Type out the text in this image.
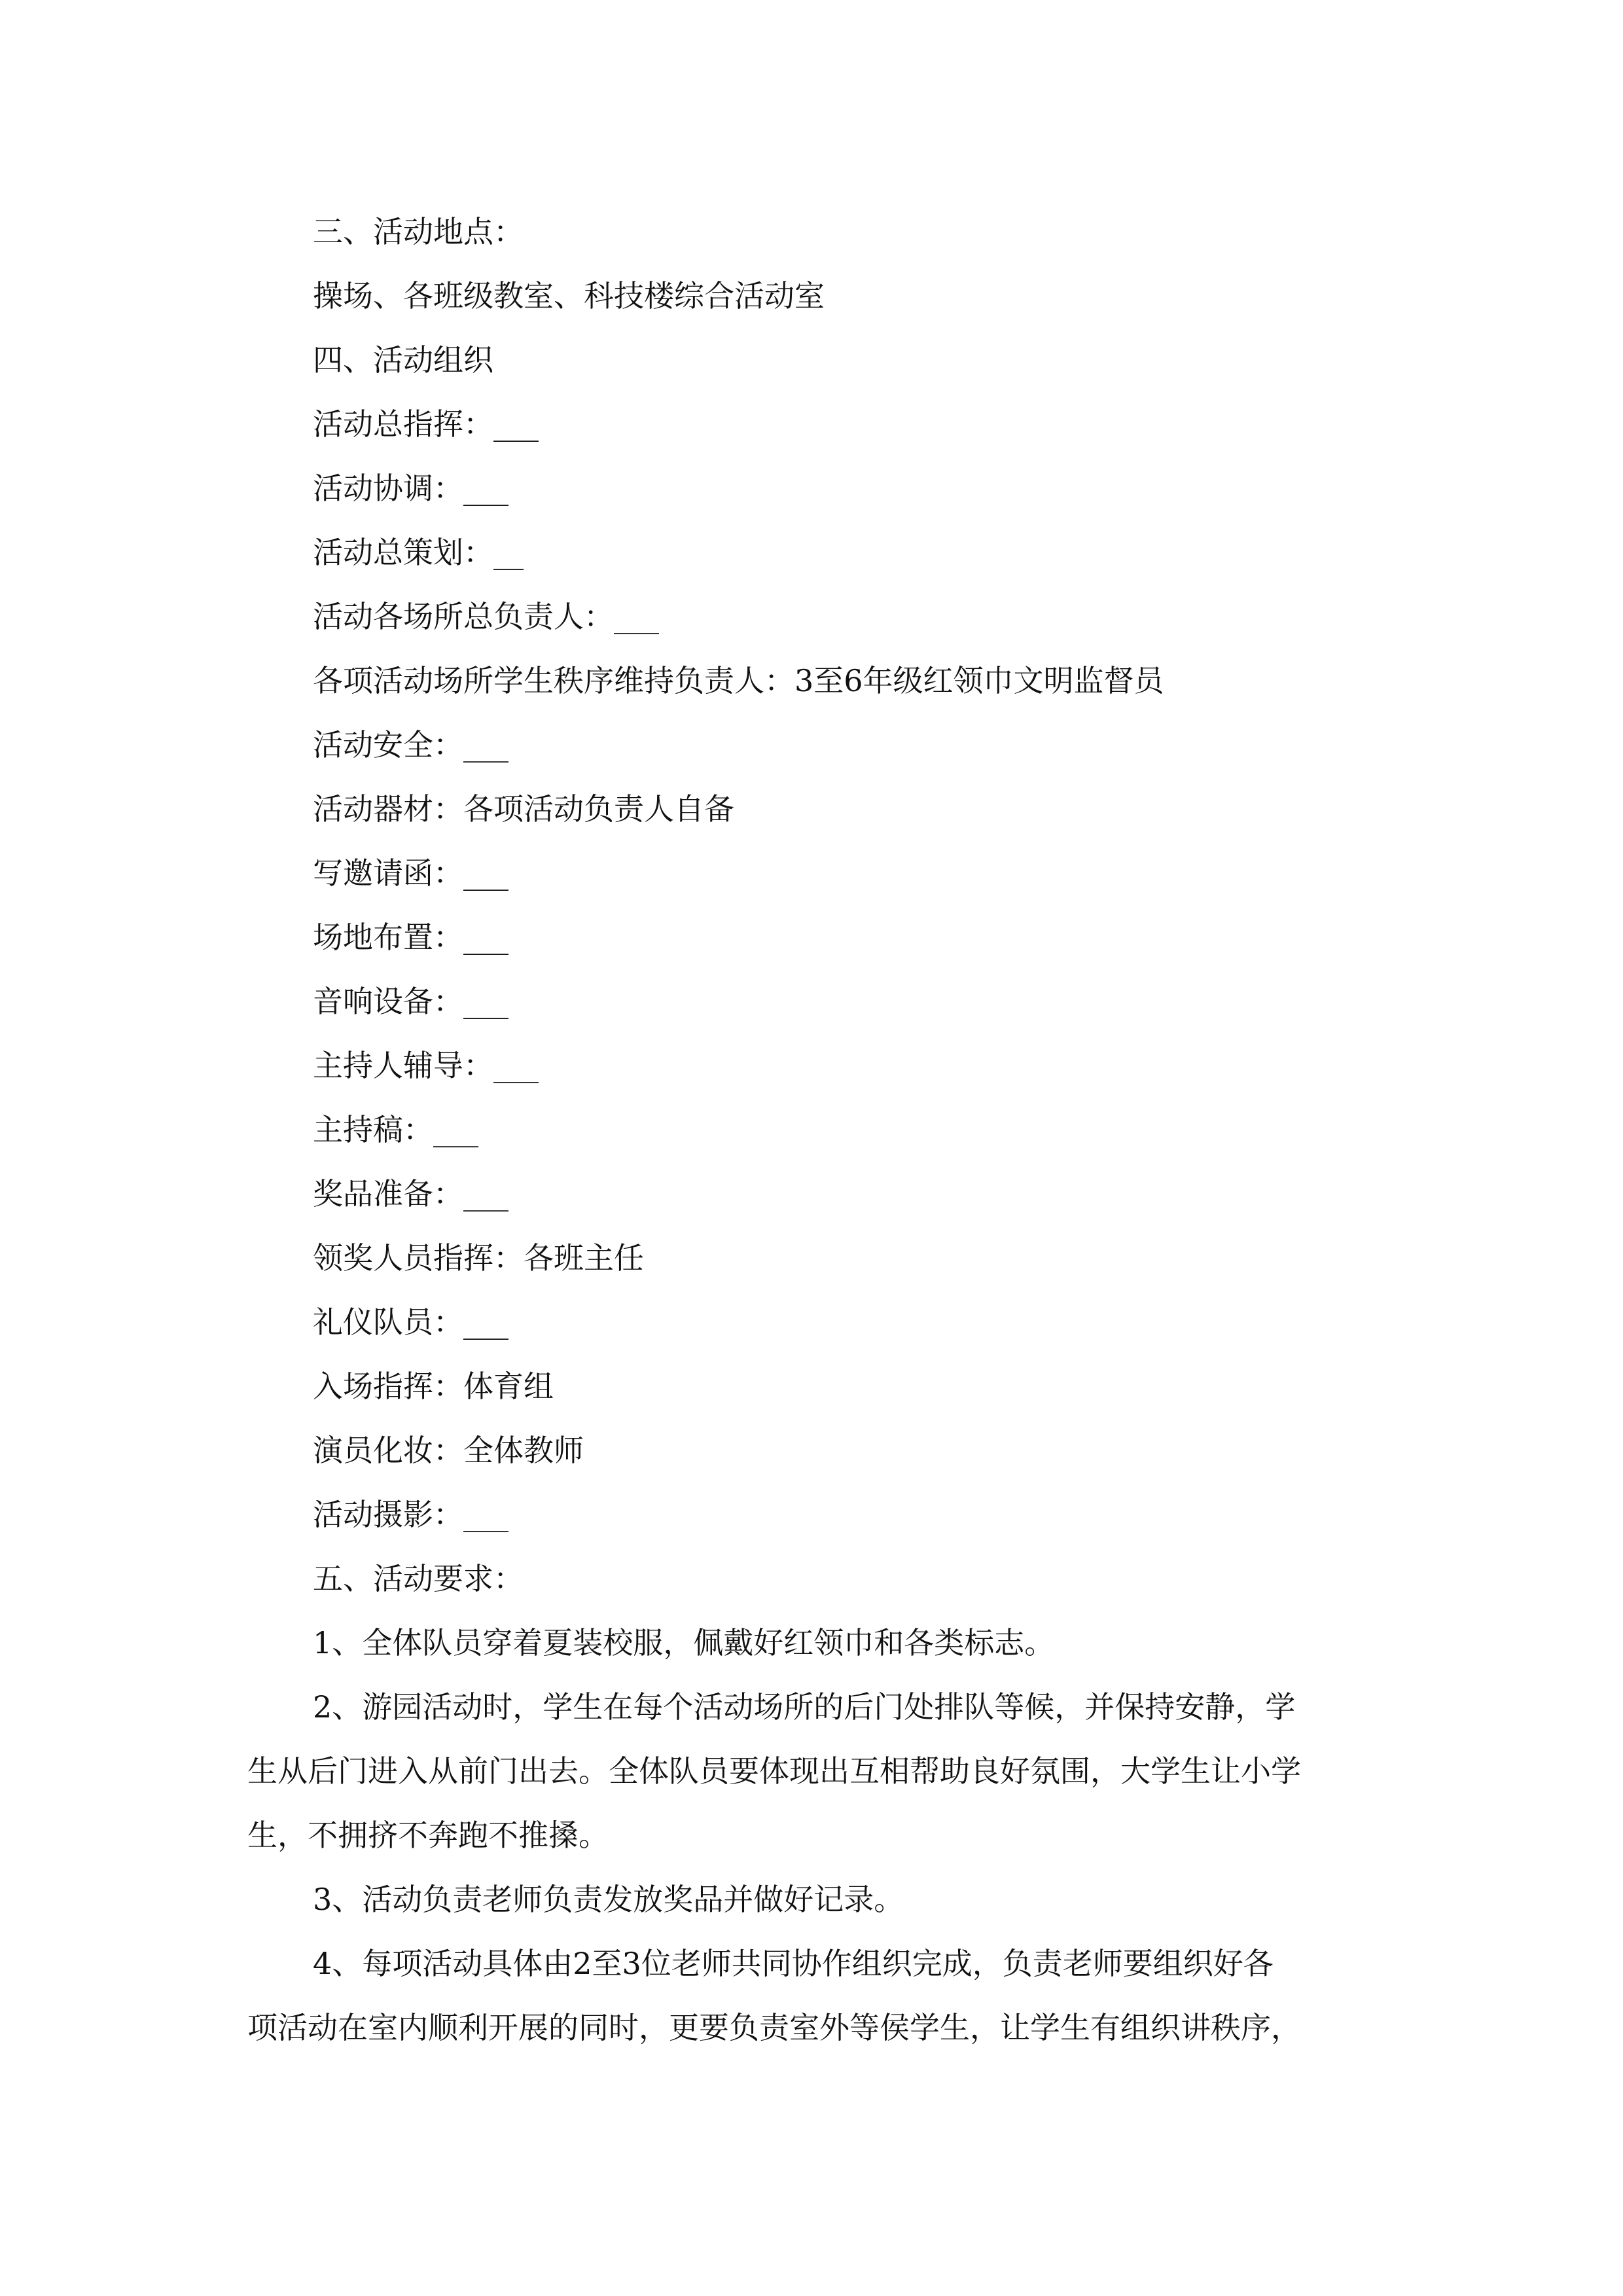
三、活动地点：

操场、各班级教室、科技楼综合活动室

四、活动组织

活动总指挥：___

活动协调：___

活动总策划：__

活动各场所总负责人：___

各项活动场所学生秩序维持负责人：3至6年级红领巾文明监督员

活动安全：___

活动器材：各项活动负责人自备

写邀请函：___

场地布置：___

音响设备：___

主持人辅导：___

主持稿：___

奖品准备：___

领奖人员指挥：各班主任

礼仪队员：___

入场指挥：体育组

演员化妆：全体教师

活动摄影：___

五、活动要求：

1、全体队员穿着夏装校服，佩戴好红领巾和各类标志。

2、游园活动时，学生在每个活动场所的后门处排队等候，并保持安静，学

生从后门进入从前门出去。全体队员要体现出互相帮助良好氛围，大学生让小学

生，不拥挤不奔跑不推搡。

3、活动负责老师负责发放奖品并做好记录。

4、每项活动具体由2至3位老师共同协作组织完成，负责老师要组织好各

项活动在室内顺利开展的同时，更要负责室外等侯学生，让学生有组织讲秩序，
